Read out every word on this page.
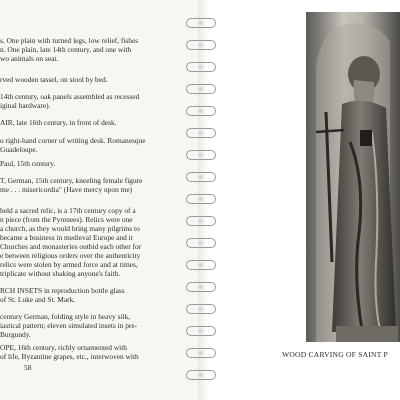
s. One plain with turned legs, low relief, fishes
n. One plain, late 14th century, and one with
wo animals on seat.
rved wooden tassel, on stool by bed.
14th century, oak panels assembled as recessed
iginal hardware).
AIR, late 16th century, in front of desk.
o right-hand corner of writing desk. Romanesque
Guadeloupe.
Paul, 15th century.
T, German, 15th century, kneeling female figure
me . . . misericordia" (Have mercy upon me)
held a sacred relic, is a 17th century copy of a
n piece (from the Pyrenees). Relics were one
a church, as they would bring many pilgrims to
became a business in medieval Europe and it
Churches and monasteries outbid each other for
e between religious orders over the authenticity
relics were stolen by armed force and at times,
triplicate without shaking anyone's faith.
RCH INSETS in reproduction bottle glass
of St. Luke and St. Mark.
century German, folding style in heavy silk,
iastical pattern; eleven simulated insets in pre-
Burgundy.
OPE, 16th century, richly ornamented with
of life, Byzantine grapes, etc., interwoven with
58
WOOD CARVING OF SAINT P
